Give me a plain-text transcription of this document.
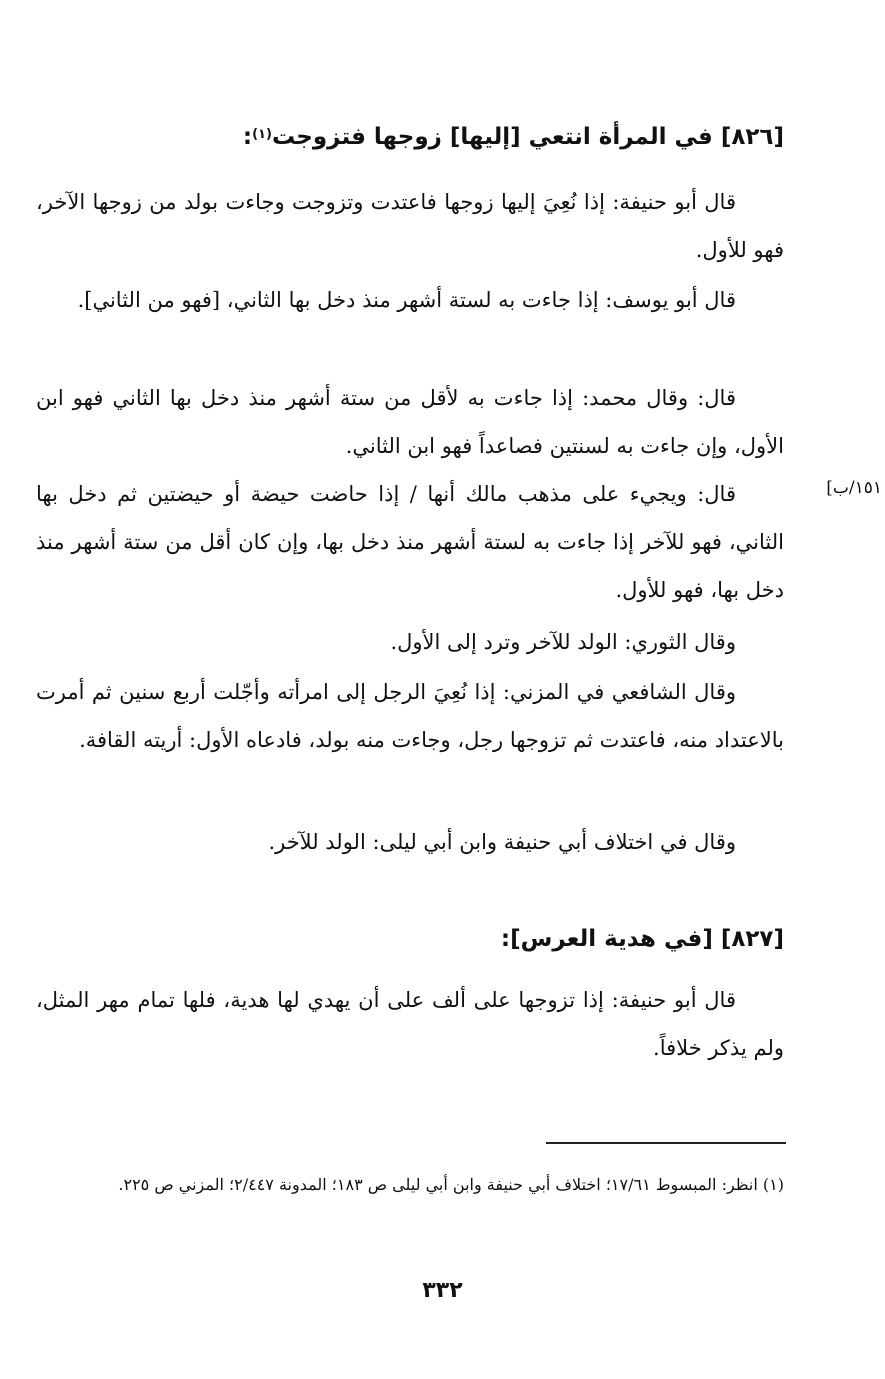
[٨٢٦] في المرأة انتعي [إليها] زوجها فتزوجت$^{(١)}$:
قال أبو حنيفة: إذا نُعِيَ إليها زوجها فاعتدت وتزوجت وجاءت بولد من زوجها الآخر، فهو للأول.
قال أبو يوسف: إذا جاءت به لستة أشهر منذ دخل بها الثاني، [فهو من الثاني].
قال: وقال محمد: إذا جاءت به لأقل من ستة أشهر منذ دخل بها الثاني فهو ابن الأول، وإن جاءت به لسنتين فصاعداً فهو ابن الثاني.
قال: ويجيء على مذهب مالك أنها / إذا حاضت حيضة أو حيضتين ثم دخل بها الثاني، فهو للآخر إذا جاءت به لستة أشهر منذ دخل بها، وإن كان أقل من ستة أشهر منذ دخل بها، فهو للأول.
وقال الثوري: الولد للآخر وترد إلى الأول.
وقال الشافعي في المزني: إذا نُعِيَ الرجل إلى امرأته وأجّلت أربع سنين ثم أمرت بالاعتداد منه، فاعتدت ثم تزوجها رجل، وجاءت منه بولد، فادعاه الأول: أريته القافة.
وقال في اختلاف أبي حنيفة وابن أبي ليلى: الولد للآخر.
١٥١/ب]
[٨٢٧] [في هدية العرس]:
قال أبو حنيفة: إذا تزوجها على ألف على أن يهدي لها هدية، فلها تمام مهر المثل، ولم يذكر خلافاً.
(١) انظر: المبسوط ١٧/٦١؛ اختلاف أبي حنيفة وابن أبي ليلى ص ١٨٣؛ المدونة ٢/٤٤٧؛ المزني ص ٢٢٥.
٣٣٢
